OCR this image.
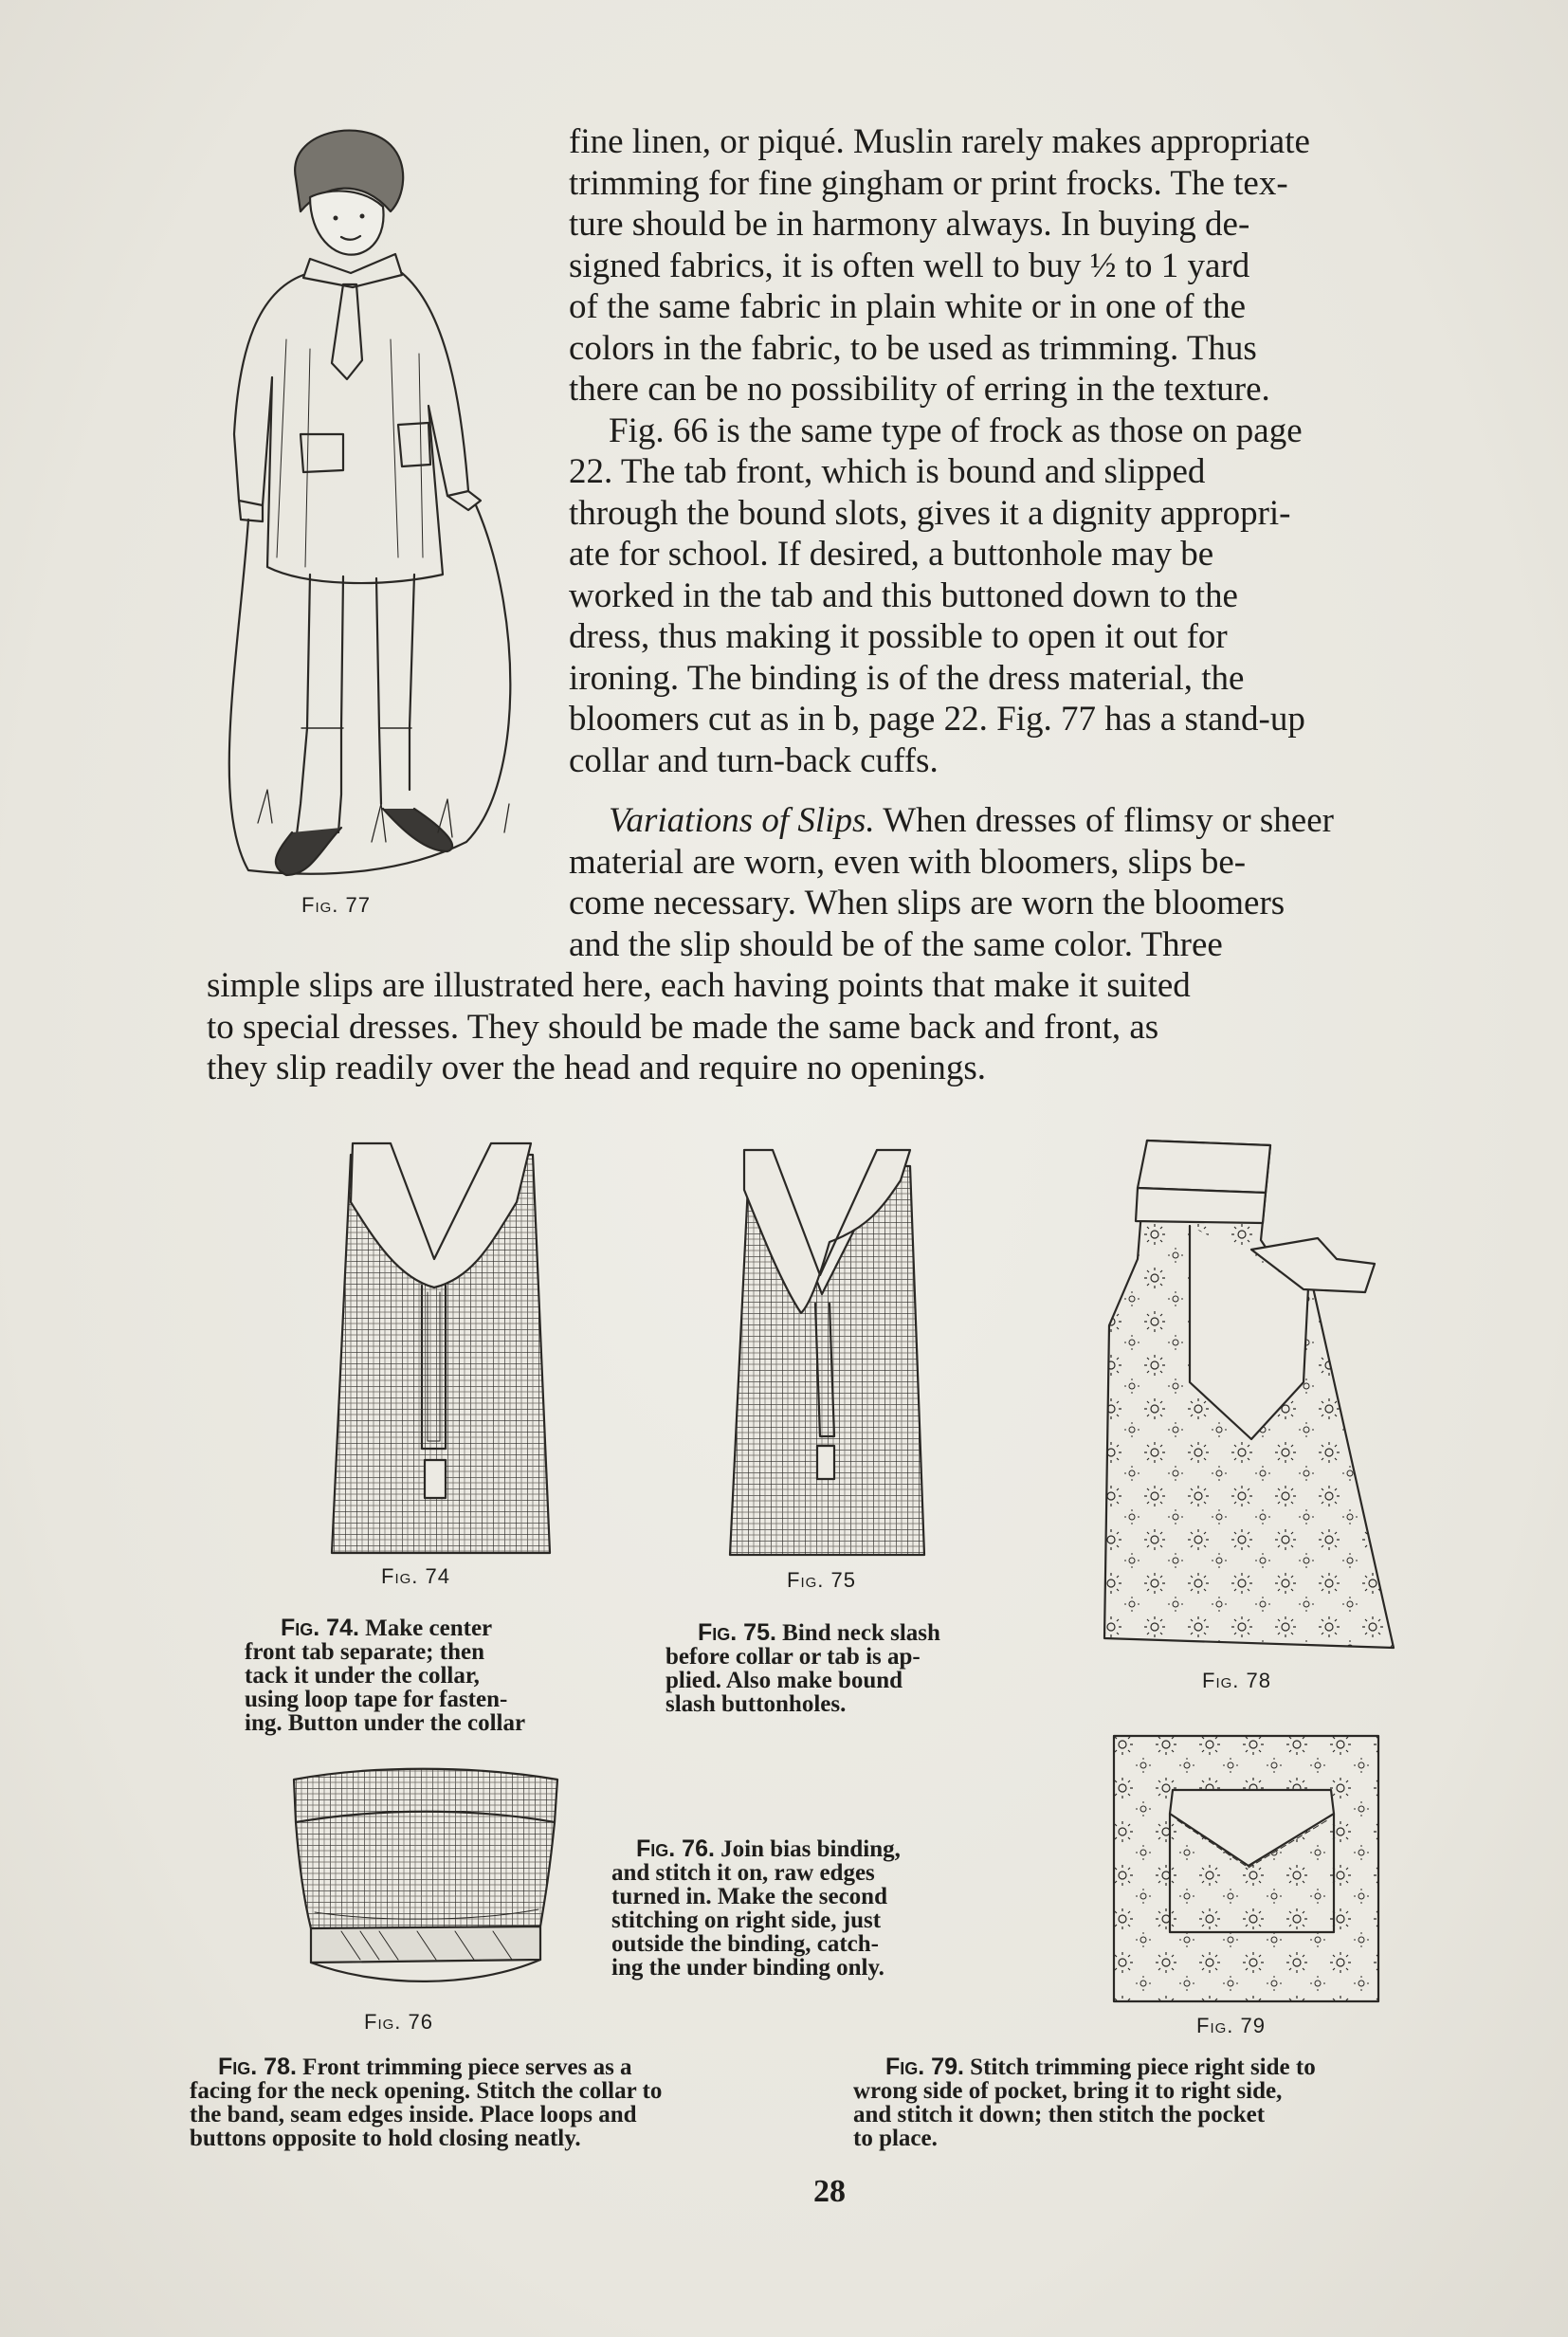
Fig. 77

fine linen, or piqué. Muslin rarely makes appropriate

trimming for fine gingham or print frocks. The tex-

ture should be in harmony always. In buying de-

signed fabrics, it is often well to buy ½ to 1 yard

of the same fabric in plain white or in one of the

colors in the fabric, to be used as trimming. Thus

there can be no possibility of erring in the texture.

Fig. 66 is the same type of frock as those on page

22. The tab front, which is bound and slipped

through the bound slots, gives it a dignity appropri-

ate for school. If desired, a buttonhole may be

worked in the tab and this buttoned down to the

dress, thus making it possible to open it out for

ironing. The binding is of the dress material, the

bloomers cut as in b, page 22. Fig. 77 has a stand-up

collar and turn-back cuffs.

Variations of Slips. When dresses of flimsy or sheer

material are worn, even with bloomers, slips be-

come necessary. When slips are worn the bloomers

and the slip should be of the same color. Three

simple slips are illustrated here, each having points that make it suited

to special dresses. They should be made the same back and front, as

they slip readily over the head and require no openings.

Fig. 74	Fig. 75
Fig. 78
Fig. 74. Make center
front tab separate; then
tack it under the collar,
using loop tape for fasten-
ing. Button under the collar
Fig. 75. Bind neck slash
before collar or tab is ap-
plied. Also make bound
slash buttonholes.
Fig. 76
Fig. 76. Join bias binding,
and stitch it on, raw edges
turned in. Make the second
stitching on right side, just
outside the binding, catch-
ing the under binding only.
Fig. 79
Fig. 78. Front trimming piece serves as a
facing for the neck opening. Stitch the collar to
the band, seam edges inside. Place loops and
buttons opposite to hold closing neatly.
Fig. 79. Stitch trimming piece right side to
wrong side of pocket, bring it to right side,
and stitch it down; then stitch the pocket
to place.
28
